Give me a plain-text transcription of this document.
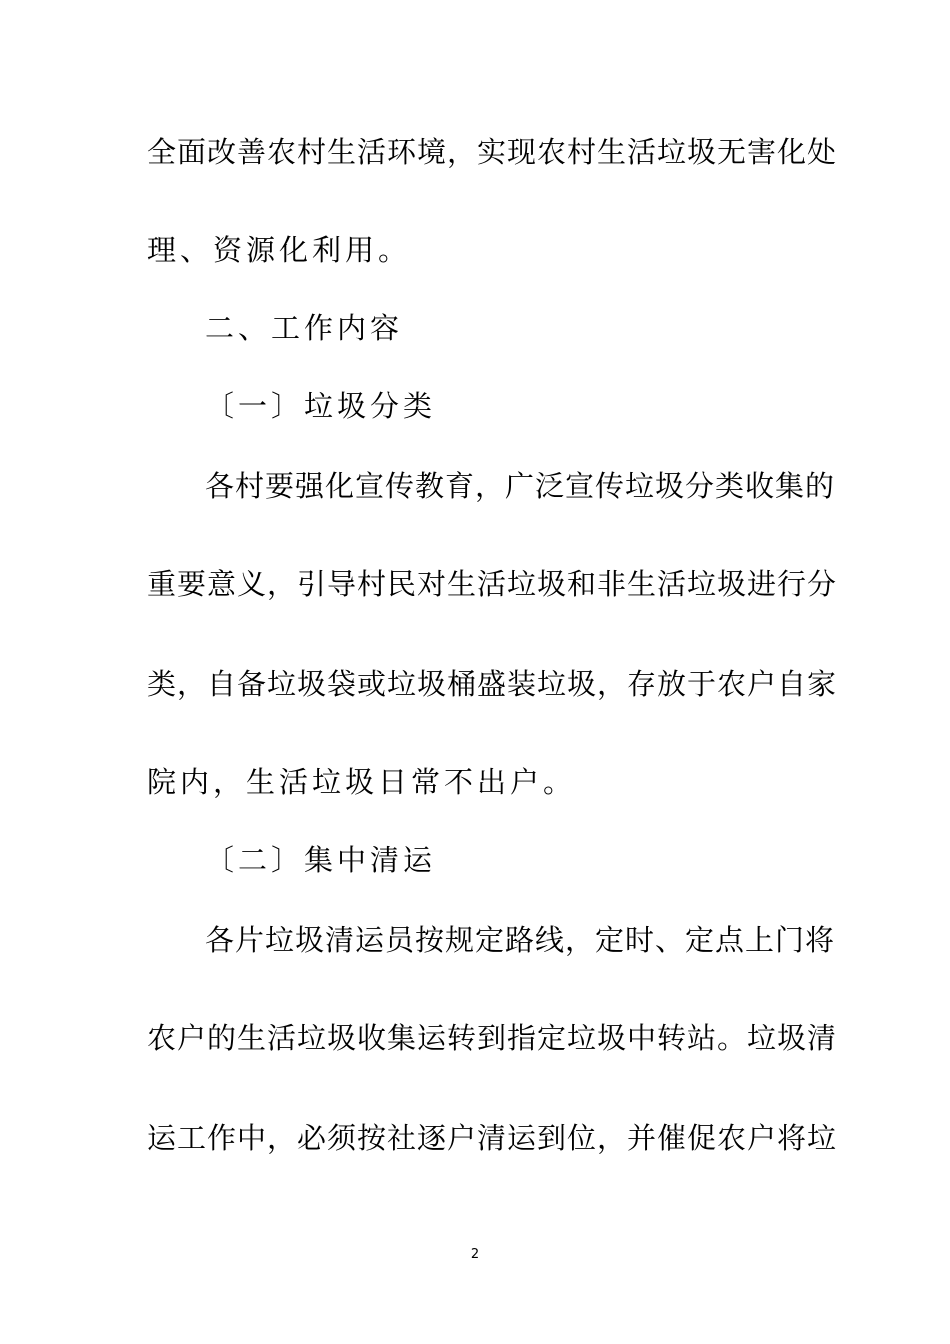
全面改善农村生活环境，实现农村生活垃圾无害化处
理、资源化利用。
二、工作内容
〔一〕垃圾分类
各村要强化宣传教育，广泛宣传垃圾分类收集的
重要意义，引导村民对生活垃圾和非生活垃圾进行分
类，自备垃圾袋或垃圾桶盛装垃圾，存放于农户自家
院内，生活垃圾日常不出户。
〔二〕集中清运
各片垃圾清运员按规定路线，定时、定点上门将
农户的生活垃圾收集运转到指定垃圾中转站。垃圾清
运工作中，必须按社逐户清运到位，并催促农户将垃
2
